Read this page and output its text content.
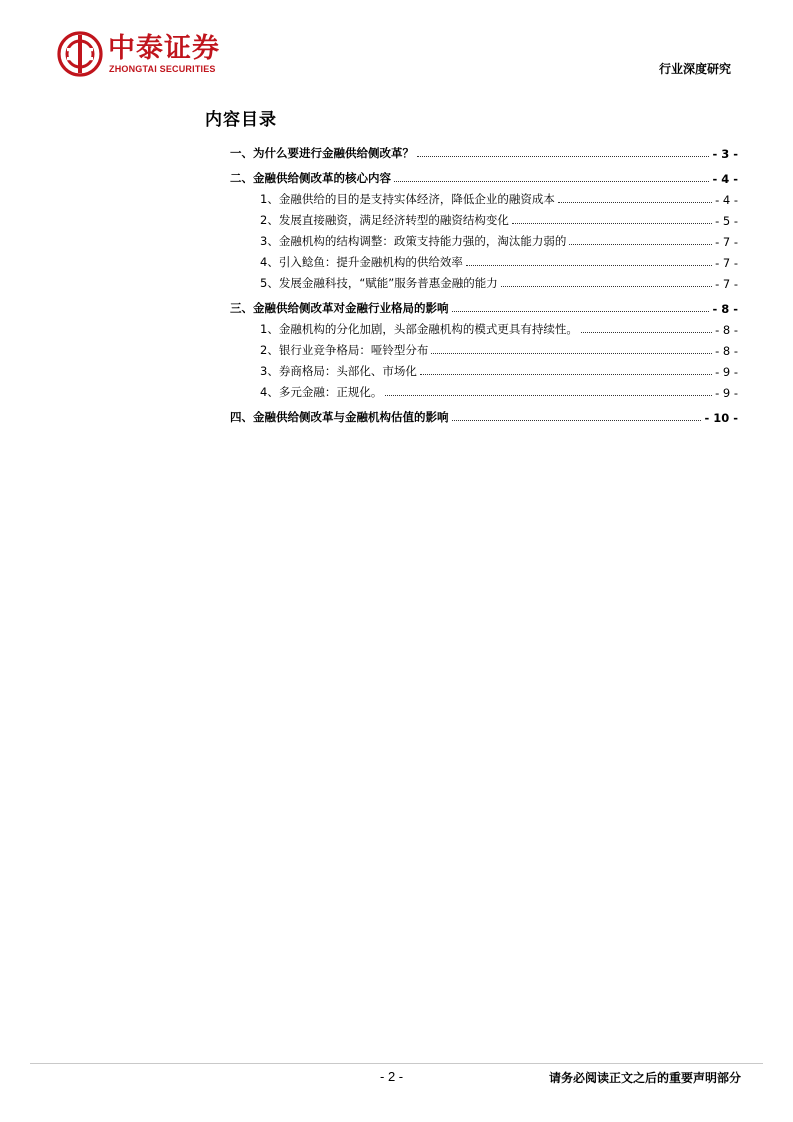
中泰证券
ZHONGTAI SECURITIES	行业深度研究
内容目录
一、为什么要进行金融供给侧改革？	- 3 -
二、金融供给侧改革的核心内容	- 4 -
1、金融供给的目的是支持实体经济，降低企业的融资成本	- 4 -
2、发展直接融资，满足经济转型的融资结构变化	- 5 -
3、金融机构的结构调整：政策支持能力强的，淘汰能力弱的	- 7 -
4、引入鲶鱼：提升金融机构的供给效率	- 7 -
5、发展金融科技，“赋能”服务普惠金融的能力	- 7 -
三、金融供给侧改革对金融行业格局的影响	- 8 -
1、金融机构的分化加剧，头部金融机构的模式更具有持续性。	- 8 -
2、银行业竞争格局：哑铃型分布	- 8 -
3、券商格局：头部化、市场化	- 9 -
4、多元金融：正规化。	- 9 -
四、金融供给侧改革与金融机构估值的影响	- 10 -
- 2 -	请务必阅读正文之后的重要声明部分
